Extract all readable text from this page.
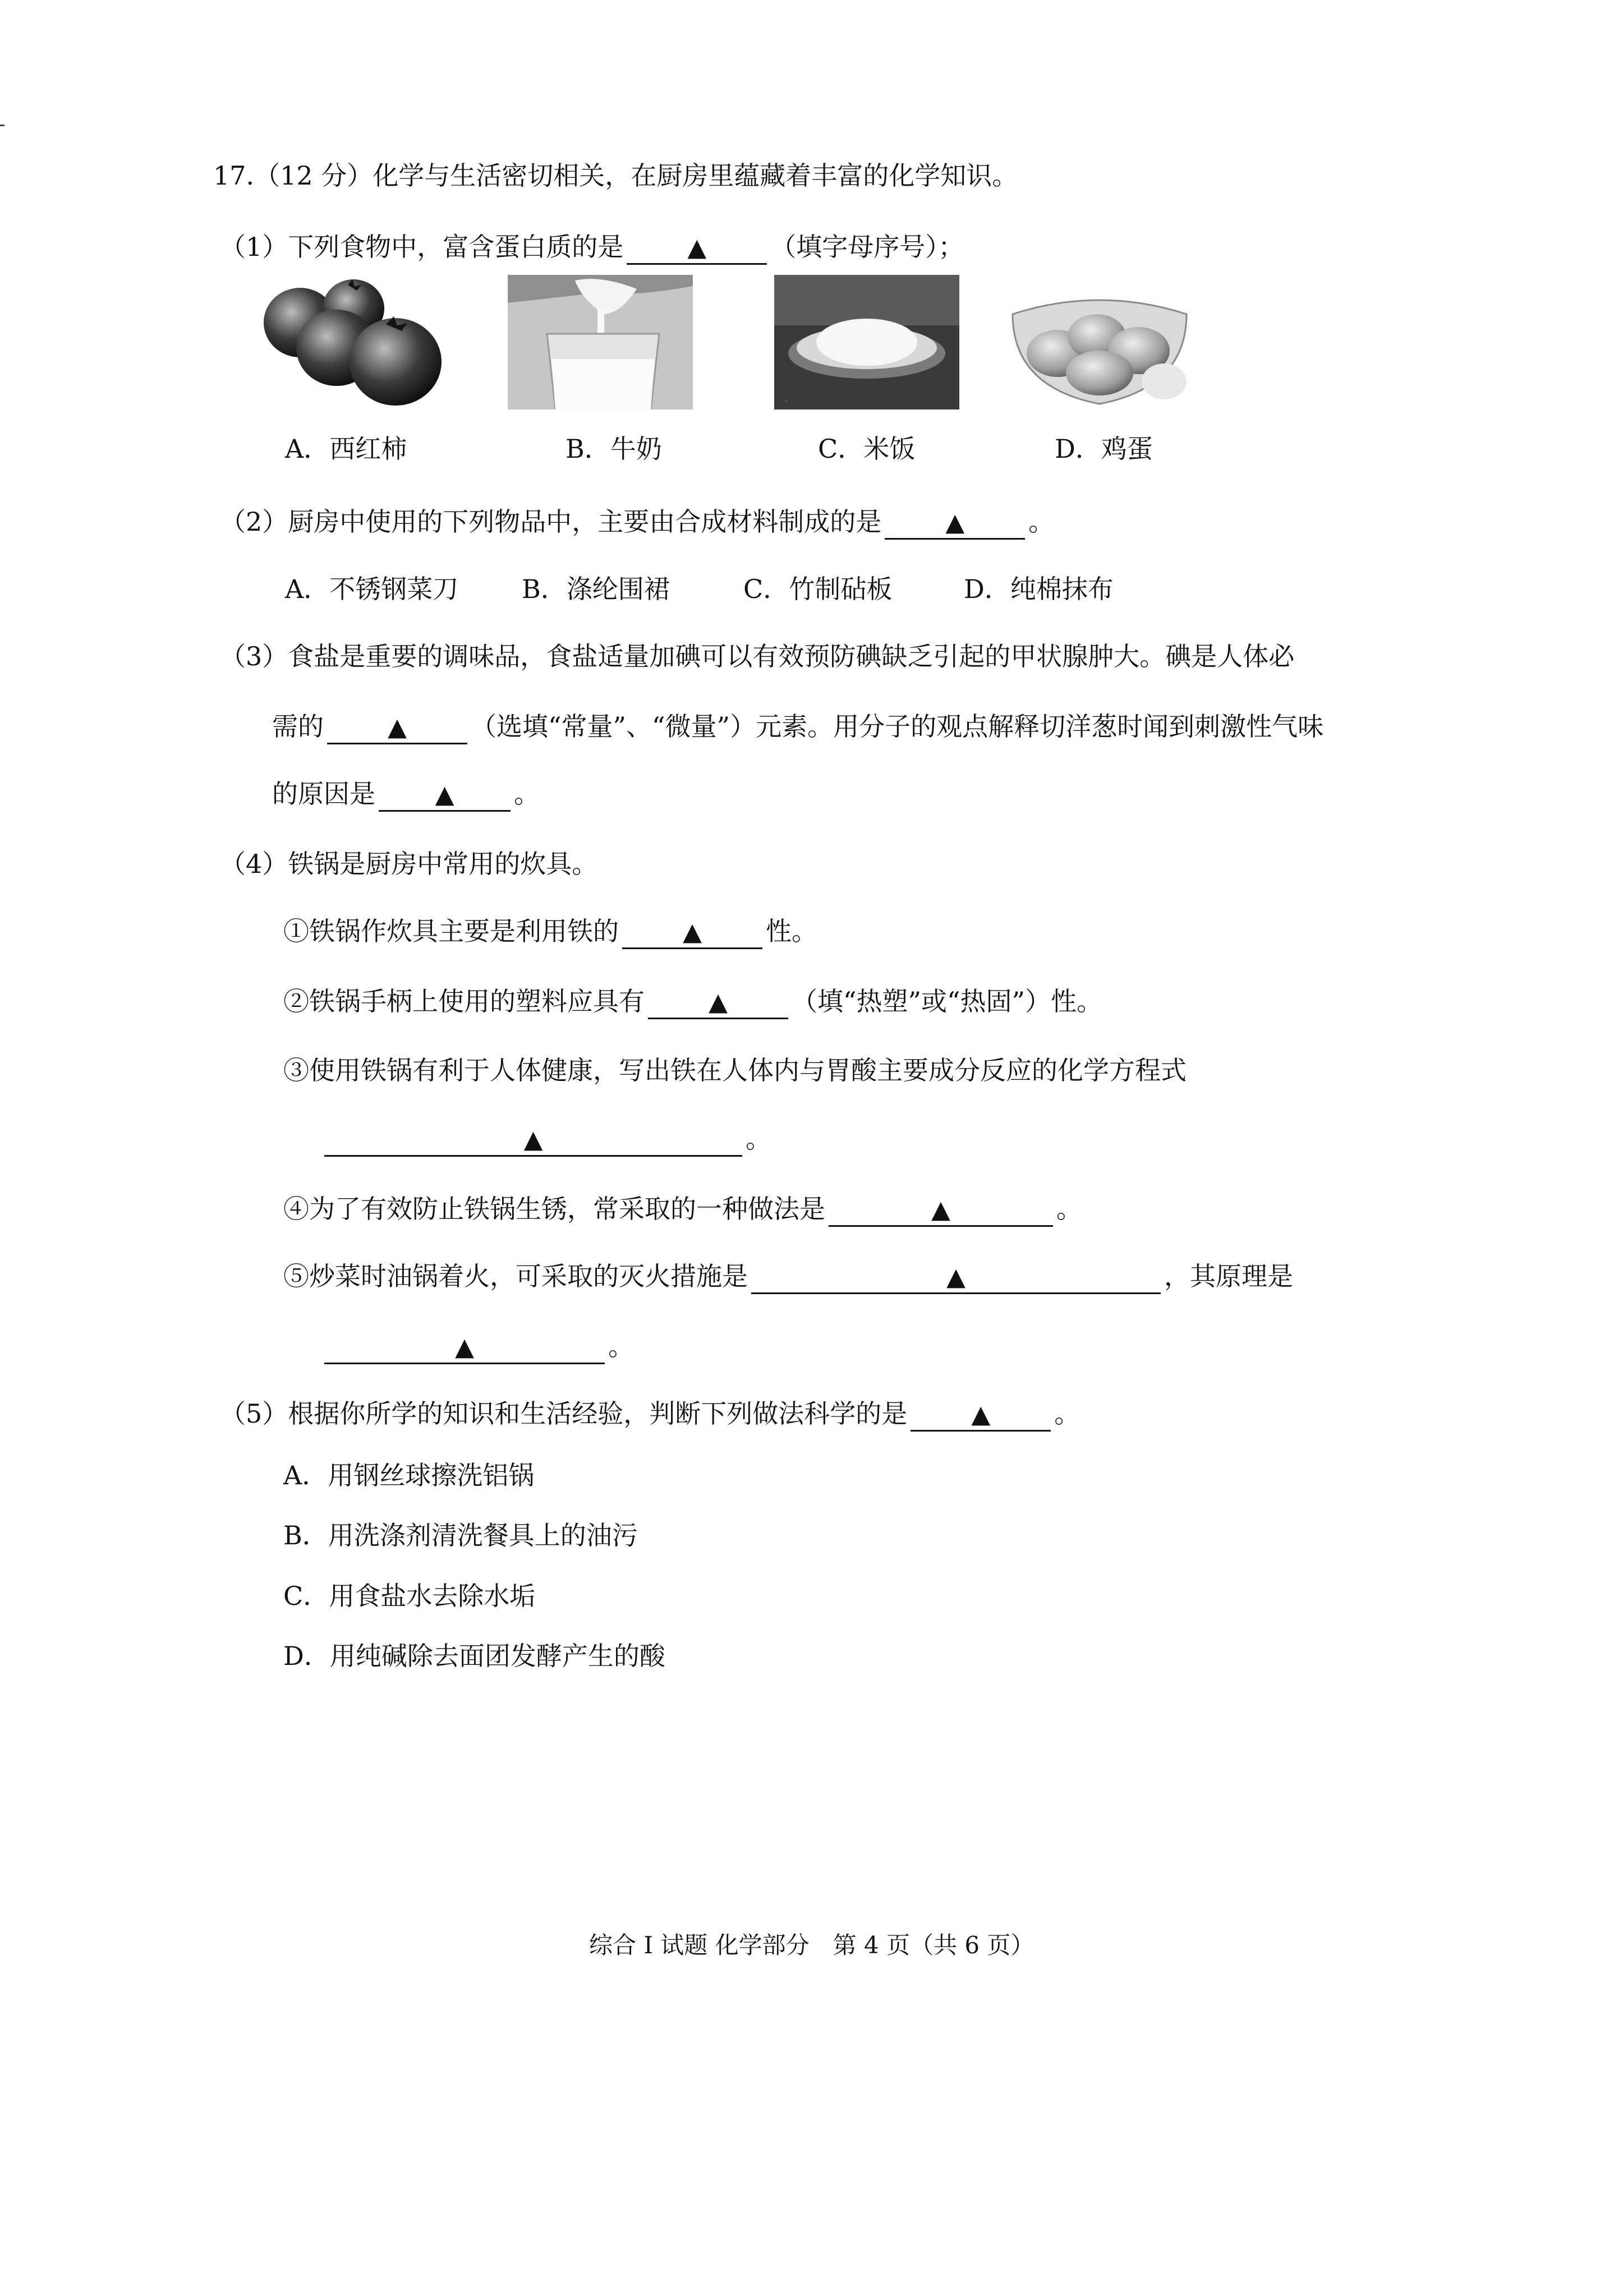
17.（12 分）化学与生活密切相关，在厨房里蕴藏着丰富的化学知识。
（1）下列食物中，富含蛋白质的是	▲ （填字母序号）；
·
A．西红柿	B．牛奶	C．米饭	D．鸡蛋
（2）厨房中使用的下列物品中，主要由合成材料制成的是	▲ 。
A．不锈钢菜刀 B．涤纶围裙	C．竹制砧板	D．纯棉抹布
（3）食盐是重要的调味品，食盐适量加碘可以有效预防碘缺乏引起的甲状腺肿大。碘是人体必
需的	▲ （选填“常量”、“微量”）元素。用分子的观点解释切洋葱时闻到刺激性气味
的原因是 ▲ 。
（4）铁锅是厨房中常用的炊具。
①铁锅作炊具主要是利用铁的	▲ 性。
②铁锅手柄上使用的塑料应具有	▲ （填“热塑”或“热固”）性。
③使用铁锅有利于人体健康，写出铁在人体内与胃酸主要成分反应的化学方程式
▲	。
④为了有效防止铁锅生锈，常采取的一种做法是	▲	。
⑤炒菜时油锅着火，可采取的灭火措施是	▲	，其原理是
▲	。
（5）根据你所学的知识和生活经验，判断下列做法科学的是	▲ 。
A．用钢丝球擦洗铝锅
B．用洗涤剂清洗餐具上的油污
C．用食盐水去除水垢
D．用纯碱除去面团发酵产生的酸
综合 I 试题 化学部分　第 4 页（共 6 页）
